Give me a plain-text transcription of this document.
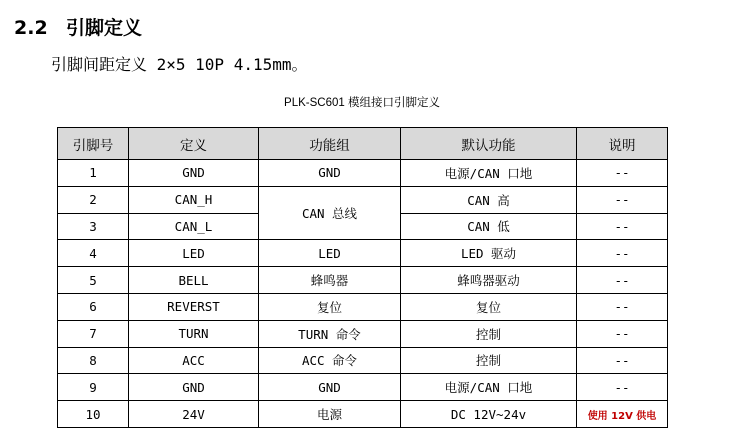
2.2 引脚定义
引脚间距定义 2×5 10P 4.15mm。
PLK-SC601 模组接口引脚定义
引脚号	定义	功能组	默认功能	说明
1	GND	GND	电源/CAN 口地	--
2	CAN_H	CAN 总线	CAN 高	--
3	CAN_L		CAN 低	--
4	LED	LED	LED 驱动	--
5	BELL	蜂鸣器	蜂鸣器驱动	--
6	REVERST	复位	复位	--
7	TURN	TURN 命令	控制	--
8	ACC	ACC 命令	控制	--
9	GND	GND	电源/CAN 口地	--
10	24V	电源	DC 12V~24v	使用 12V 供电
